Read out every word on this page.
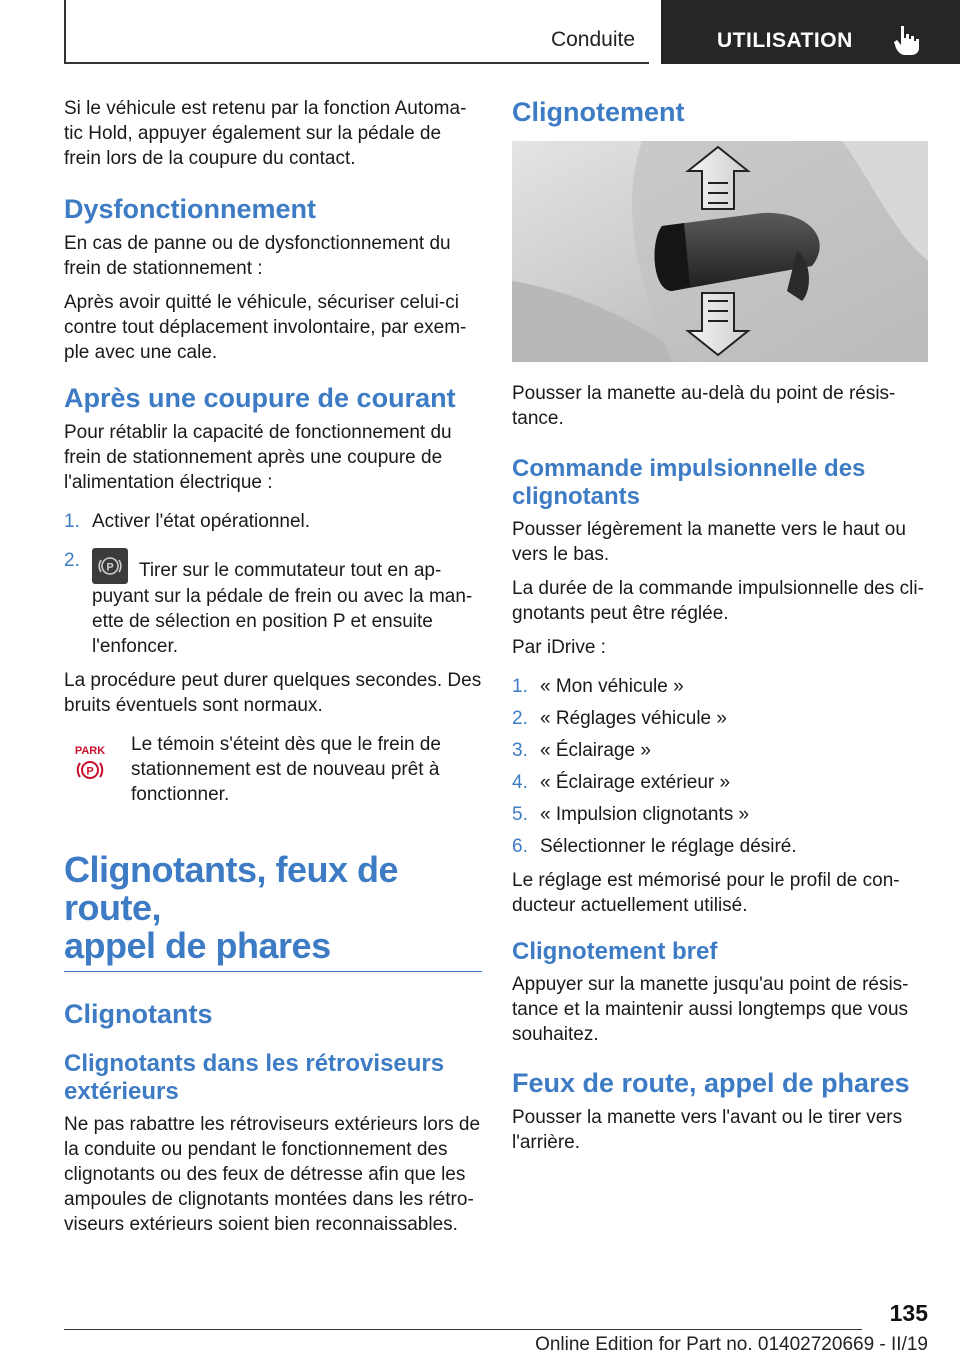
Conduite	UTILISATION

Si le véhicule est retenu par la fonction Automa-tic Hold, appuyer également sur la pédale de frein lors de la coupure du contact.

Dysfonctionnement

En cas de panne ou de dysfonctionnement du frein de stationnement :

Après avoir quitté le véhicule, sécuriser celui-ci contre tout déplacement involontaire, par exem-ple avec une cale.

Après une coupure de courant

Pour rétablir la capacité de fonctionnement du frein de stationnement après une coupure de l'alimentation électrique :

1. Activer l'état opérationnel.
2. P Tirer sur le commutateur tout en ap-puyant sur la pédale de frein ou avec la man-ette de sélection en position P et ensuite l'enfoncer.

La procédure peut durer quelques secondes. Des bruits éventuels sont normaux.

PARK
P

Le témoin s'éteint dès que le frein de stationnement est de nouveau prêt à fonctionner.

Clignotants, feux de route,
appel de phares
Clignotants
Clignotants dans les rétroviseurs extérieurs

Ne pas rabattre les rétroviseurs extérieurs lors de la conduite ou pendant le fonctionnement des clignotants ou des feux de détresse afin que les ampoules de clignotants montées dans les rétro-viseurs extérieurs soient bien reconnaissables.

Clignotement

Pousser la manette au-delà du point de résis-tance.

Commande impulsionnelle des clignotants

Pousser légèrement la manette vers le haut ou vers le bas.

La durée de la commande impulsionnelle des cli-gnotants peut être réglée.

Par iDrive :

1. « Mon véhicule »
2. « Réglages véhicule »
3. « Éclairage »
4. « Éclairage extérieur »
5. « Impulsion clignotants »
6. Sélectionner le réglage désiré.

Le réglage est mémorisé pour le profil de con-ducteur actuellement utilisé.

Clignotement bref

Appuyer sur la manette jusqu'au point de résis-tance et la maintenir aussi longtemps que vous souhaitez.

Feux de route, appel de phares

Pousser la manette vers l'avant ou le tirer vers l'arrière.

135
Online Edition for Part no. 01402720669 - II/19
